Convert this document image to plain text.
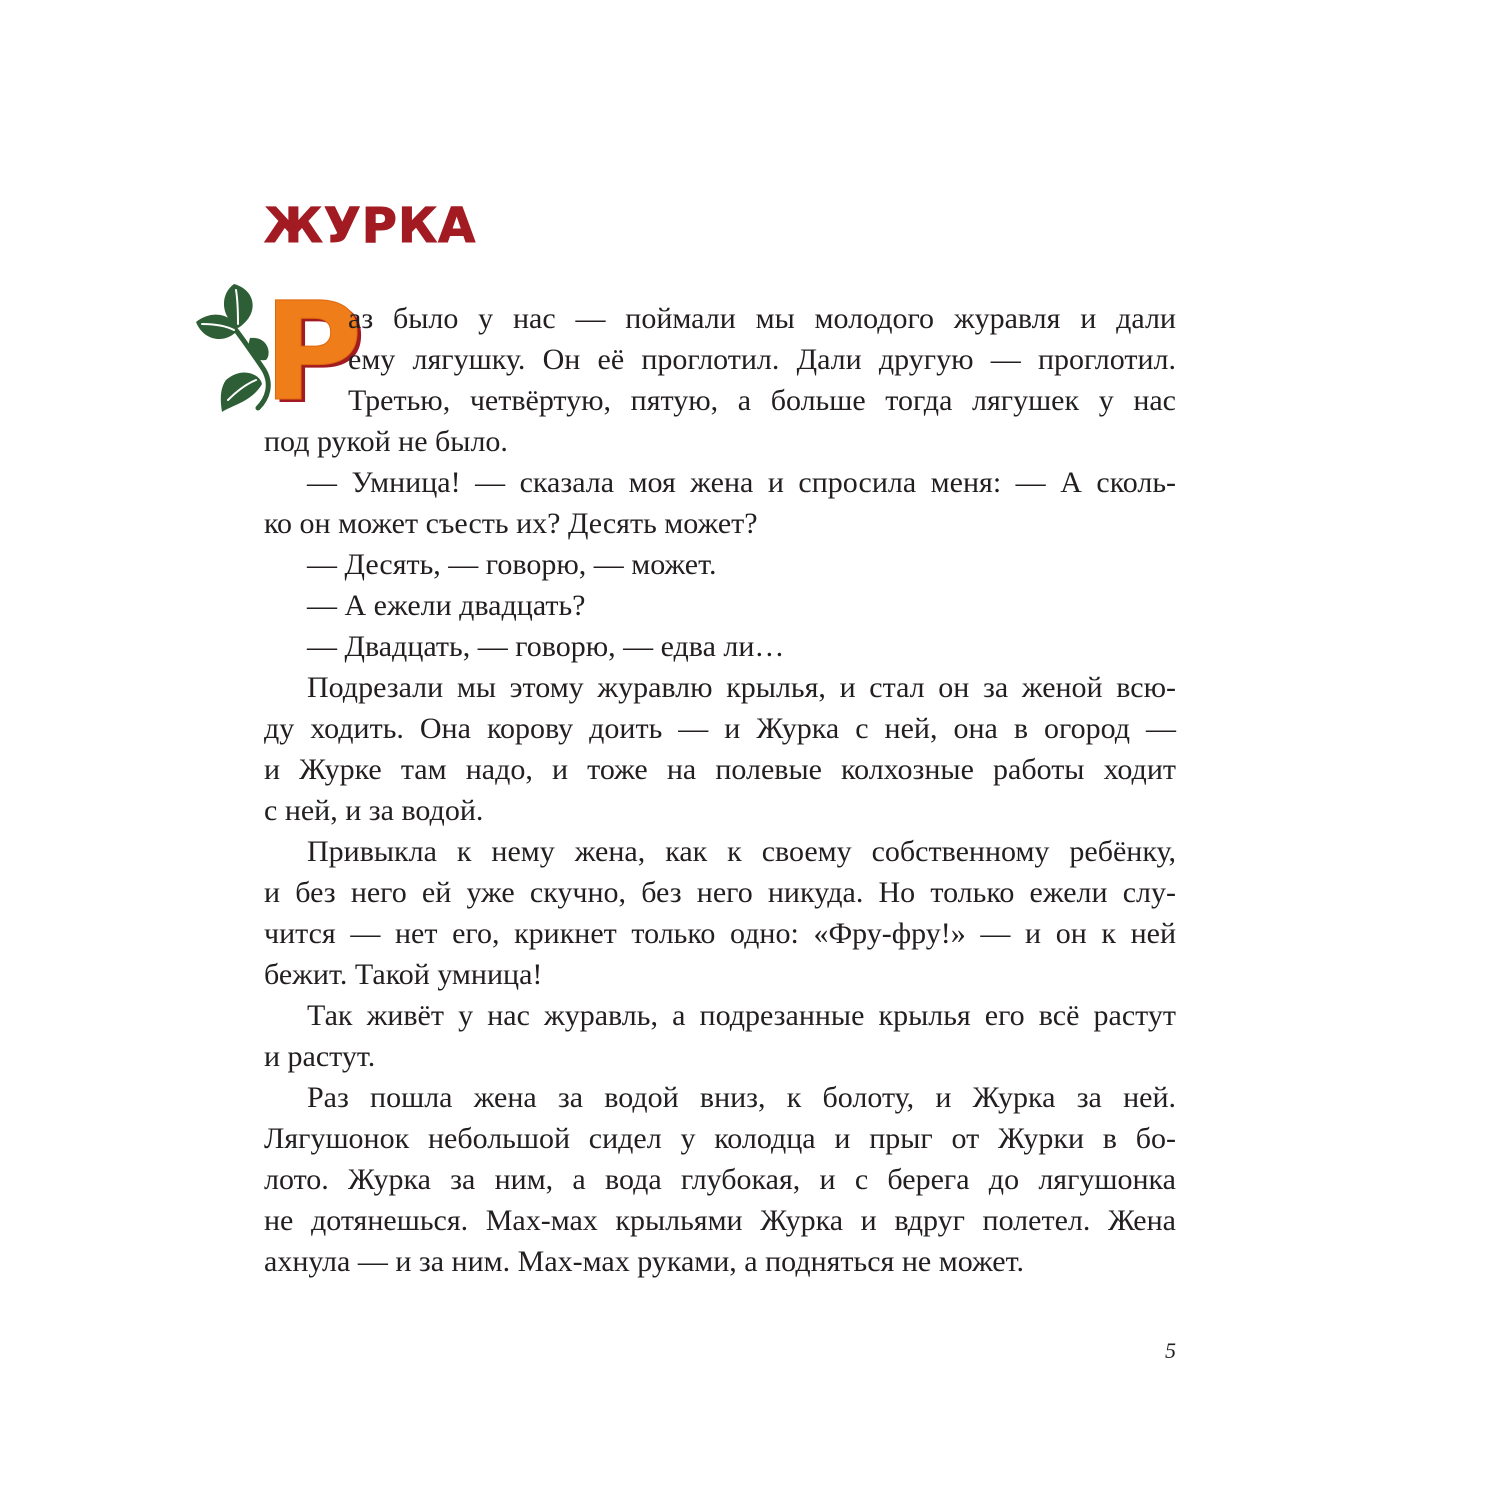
ЖУРКА

Р

аз было у нас — поймали мы молодого журавля и дали

ему лягушку. Он её проглотил. Дали другую — проглотил.

Третью, четвёртую, пятую, а больше тогда лягушек у нас

под рукой не было.

— Умница! — сказала моя жена и спросила меня: — А сколь-

ко он может съесть их? Десять может?

— Десять, — говорю, — может.

— А ежели двадцать?

— Двадцать, — говорю, — едва ли…

Подрезали мы этому журавлю крылья, и стал он за женой всю-

ду ходить. Она корову доить — и Журка с ней, она в огород —

и Журке там надо, и тоже на полевые колхозные работы ходит

с ней, и за водой.

Привыкла к нему жена, как к своему собственному ребёнку,

и без него ей уже скучно, без него никуда. Но только ежели слу-

чится — нет его, крикнет только одно: «Фру-фру!» — и он к ней

бежит. Такой умница!

Так живёт у нас журавль, а подрезанные крылья его всё растут

и растут.

Раз пошла жена за водой вниз, к болоту, и Журка за ней.

Лягушонок небольшой сидел у колодца и прыг от Журки в бо-

лото. Журка за ним, а вода глубокая, и с берега до лягушонка

не дотянешься. Мах-мах крыльями Журка и вдруг полетел. Жена

ахнула — и за ним. Мах-мах руками, а подняться не может.

5
